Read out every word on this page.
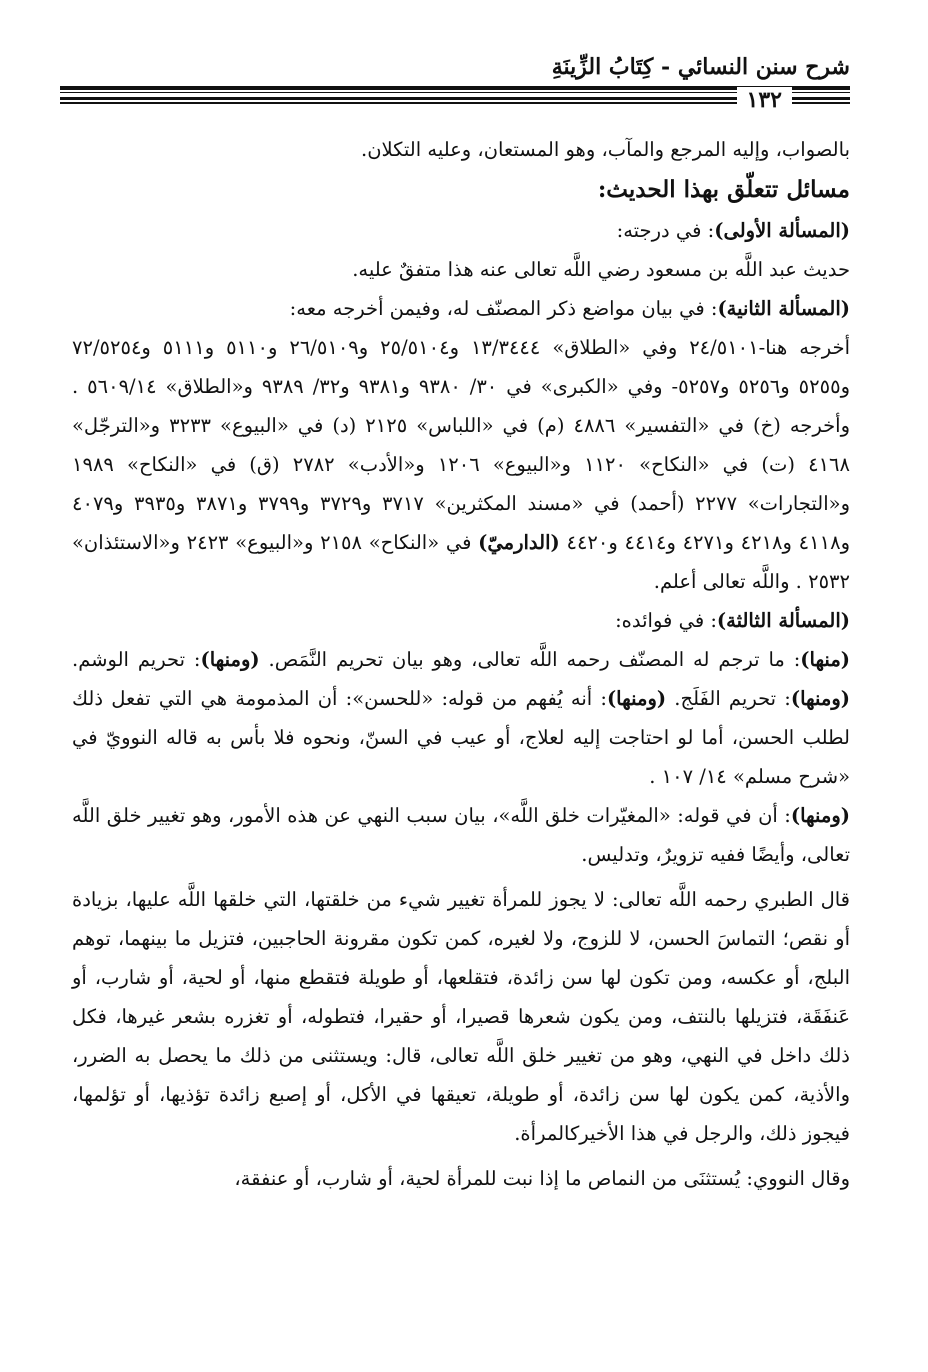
شرح سنن النسائي - كِتَابُ الزِّينَةِ
١٣٢

بالصواب، وإليه المرجع والمآب، وهو المستعان، وعليه التكلان.

مسائل تتعلّق بهذا الحديث:

(المسألة الأولى): في درجته:

حديث عبد اللَّه بن مسعود رضي اللَّه تعالى عنه هذا متفقٌ عليه.

(المسألة الثانية): في بيان مواضع ذكر المصنّف له، وفيمن أخرجه معه:

أخرجه هنا-٢٤/٥١٠١ وفي «الطلاق» ١٣/٣٤٤٤ و٢٥/٥١٠٤ و٢٦/٥١٠٩ و٥١١٠ و٥١١١ و٧٢/٥٢٥٤ و٥٢٥٥ و٥٢٥٦ و٥٢٥٧- وفي «الكبرى» في ٣٠/ ٩٣٨٠ و٩٣٨١ و٣٢/ ٩٣٨٩ و«الطلاق» ٥٦٠٩/١٤ . وأخرجه (خ) في «التفسير» ٤٨٨٦ (م) في «اللباس» ٢١٢٥ (د) في «البيوع» ٣٢٣٣ و«الترجّل» ٤١٦٨ (ت) في «النكاح» ١١٢٠ و«البيوع» ١٢٠٦ و«الأدب» ٢٧٨٢ (ق) في «النكاح» ١٩٨٩ و«التجارات» ٢٢٧٧ (أحمد) في «مسند المكثرين» ٣٧١٧ و٣٧٢٩ و٣٧٩٩ و٣٨٧١ و٣٩٣٥ و٤٠٧٩ و٤١١٨ و٤٢١٨ و٤٢٧١ و٤٤١٤ و٤٤٢٠ (الدارميّ) في «النكاح» ٢١٥٨ و«البيوع» ٢٤٢٣ و«الاستئذان» ٢٥٣٢ . واللَّه تعالى أعلم.

(المسألة الثالثة): في فوائده:

(منها): ما ترجم له المصنّف رحمه اللَّه تعالى، وهو بيان تحريم النَّمَص. (ومنها): تحريم الوشم. (ومنها): تحريم الفَلَج. (ومنها): أنه يُفهم من قوله: «للحسن»: أن المذمومة هي التي تفعل ذلك لطلب الحسن، أما لو احتاجت إليه لعلاج، أو عيب في السنّ، ونحوه فلا بأس به قاله النوويّ في «شرح مسلم» ١٤/ ١٠٧ .

(ومنها): أن في قوله: «المغيّرات خلق اللَّه»، بيان سبب النهي عن هذه الأمور، وهو تغيير خلق اللَّه تعالى، وأيضًا ففيه تزويرٌ، وتدليس.

قال الطبري رحمه اللَّه تعالى: لا يجوز للمرأة تغيير شيء من خلقتها، التي خلقها اللَّه عليها، بزيادة أو نقص؛ التماسَ الحسن، لا للزوج، ولا لغيره، كمن تكون مقرونة الحاجبين، فتزيل ما بينهما، توهم البلج، أو عكسه، ومن تكون لها سن زائدة، فتقلعها، أو طويلة فتقطع منها، أو لحية، أو شارب، أو عَنفَقَة، فتزيلها بالنتف، ومن يكون شعرها قصيرا، أو حقيرا، فتطوله، أو تغزره بشعر غيرها، فكل ذلك داخل في النهي، وهو من تغيير خلق اللَّه تعالى، قال: ويستثنى من ذلك ما يحصل به الضرر، والأذية، كمن يكون لها سن زائدة، أو طويلة، تعيقها في الأكل، أو إصبع زائدة تؤذيها، أو تؤلمها، فيجوز ذلك، والرجل في هذا الأخيركالمرأة.

وقال النووي: يُستثنَى من النماص ما إذا نبت للمرأة لحية، أو شارب، أو عنفقة،
